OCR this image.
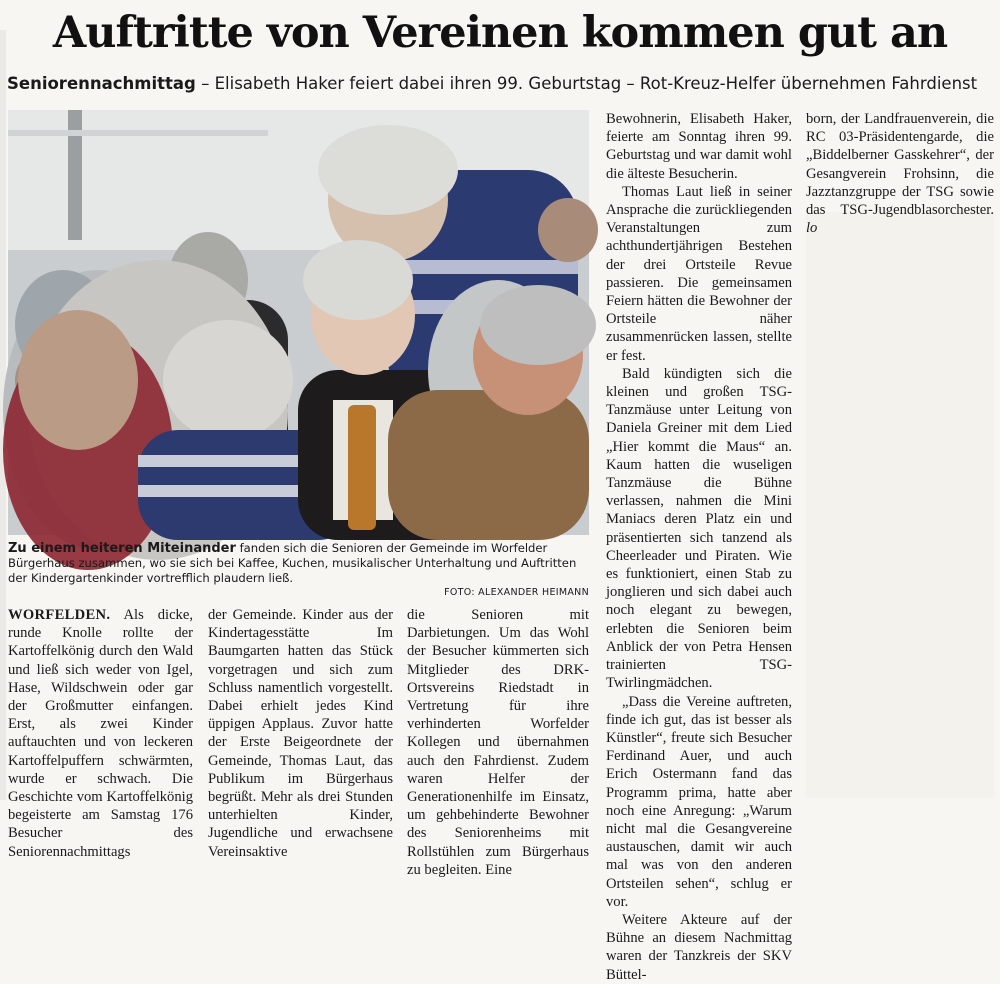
Auftritte von Vereinen kommen gut an
Seniorennachmittag – Elisabeth Haker feiert dabei ihren 99. Geburtstag – Rot-Kreuz-Helfer übernehmen Fahrdienst
Zu einem heiteren Miteinander fanden sich die Senioren der Gemeinde im Worfelder Bürgerhaus zusammen, wo sie sich bei Kaffee, Kuchen, musikalischer Unterhaltung und Auftritten der Kindergartenkinder vortrefflich plaudern ließ.
FOTO: ALEXANDER HEIMANN

WORFELDEN. Als dicke, runde Knolle rollte der Kartoffelkönig durch den Wald und ließ sich weder von Igel, Hase, Wildschwein oder gar der Großmutter einfangen. Erst, als zwei Kinder auftauchten und von leckeren Kartoffelpuffern schwärmten, wurde er schwach. Die Geschichte vom Kartoffelkönig begeisterte am Samstag 176 Besucher des Seniorennachmittags

der Gemeinde. Kinder aus der Kindertagesstätte Im Baumgarten hatten das Stück vorgetragen und sich zum Schluss namentlich vorgestellt. Dabei erhielt jedes Kind üppigen Applaus. Zuvor hatte der Erste Beigeordnete der Gemeinde, Thomas Laut, das Publikum im Bürgerhaus begrüßt. Mehr als drei Stunden unterhielten Kinder, Jugendliche und erwachsene Vereinsaktive

die Senioren mit Darbietungen. Um das Wohl der Besucher kümmerten sich Mitglieder des DRK-Ortsvereins Riedstadt in Vertretung für ihre verhinderten Worfelder Kollegen und übernahmen auch den Fahrdienst. Zudem waren Helfer der Generationenhilfe im Einsatz, um gehbehinderte Bewohner des Seniorenheims mit Rollstühlen zum Bürgerhaus zu begleiten. Eine

Bewohnerin, Elisabeth Haker, feierte am Sonntag ihren 99. Geburtstag und war damit wohl die älteste Besucherin.

Thomas Laut ließ in seiner Ansprache die zurückliegenden Veranstaltungen zum achthundertjährigen Bestehen der drei Ortsteile Revue passieren. Die gemeinsamen Feiern hätten die Bewohner der Ortsteile näher zusammenrücken lassen, stellte er fest.

Bald kündigten sich die kleinen und großen TSG-Tanzmäuse unter Leitung von Daniela Greiner mit dem Lied „Hier kommt die Maus“ an. Kaum hatten die wuseligen Tanzmäuse die Bühne verlassen, nahmen die Mini Maniacs deren Platz ein und präsentierten sich tanzend als Cheerleader und Piraten. Wie es funktioniert, einen Stab zu jonglieren und sich dabei auch noch elegant zu bewegen, erlebten die Senioren beim Anblick der von Petra Hensen trainierten TSG-Twirlingmädchen.

„Dass die Vereine auftreten, finde ich gut, das ist besser als Künstler“, freute sich Besucher Ferdinand Auer, und auch Erich Ostermann fand das Programm prima, hatte aber noch eine Anregung: „Warum nicht mal die Gesangvereine austauschen, damit wir auch mal was von den anderen Ortsteilen sehen“, schlug er vor.

Weitere Akteure auf der Bühne an diesem Nachmittag waren der Tanzkreis der SKV Büttel-

born, der Landfrauenverein, die RC 03-Präsidentengarde, die „Biddelberner Gasskehrer“, der Gesangverein Frohsinn, die Jazztanzgruppe der TSG sowie das TSG-Jugendblasorchester. lo
